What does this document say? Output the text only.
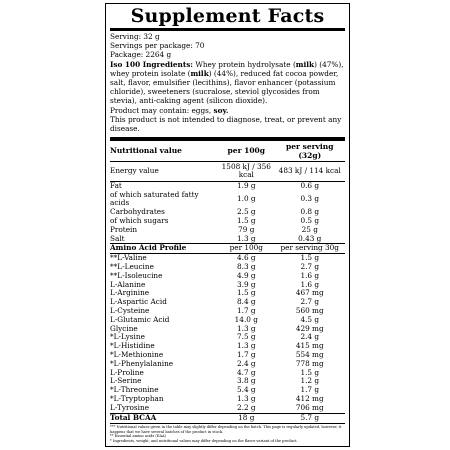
Supplement Facts
Serving: 32 g
Servings per package: 70
Package: 2264 g
Iso 100 Ingredients: Whey protein hydrolysate (milk) (47%), whey protein isolate (milk) (44%), reduced fat cocoa powder, salt, flavor, emulsifier (lecithins), flavor enhancer (potassium chloride), sweeteners (sucralose, steviol glycosides from stevia), anti-caking agent (silicon dioxide).
Product may contain: eggs, soy.
This product is not intended to diagnose, treat, or prevent any disease.
Nutritional value	per 100g	per serving (32g)
Energy value	1508 kJ / 356 kcal	483 kJ / 114 kcal
Fat	1.9 g	0.6 g
of which saturated fatty acids	1.0 g	0.3 g
Carbohydrates	2.5 g	0.8 g
of which sugars	1.5 g	0.5 g
Protein	79 g	25 g
Salt	1.3 g	0.43 g
Amino Acid Profile	per 100g	per serving 30g
**L-Valine	4.6 g	1.5 g
**L-Leucine	8.3 g	2.7 g
**L-Isoleucine	4.9 g	1.6 g
L-Alanine	3.9 g	1.6 g
L-Arginine	1.5 g	467 mg
L-Aspartic Acid	8.4 g	2.7 g
L-Cysteine	1.7 g	560 mg
L-Glutamic Acid	14.0 g	4.5 g
Glycine	1.3 g	429 mg
*L-Lysine	7.5 g	2.4 g
*L-Histidine	1.3 g	415 mg
*L-Methionine	1.7 g	554 mg
*L-Phenylalanine	2.4 g	778 mg
L-Proline	4.7 g	1.5 g
L-Serine	3.8 g	1.2 g
*L-Threonine	5.4 g	1.7 g
*L-Tryptophan	1.3 g	412 mg
L-Tyrosine	2.2 g	706 mg
Total BCAA	18 g	5.7 g
*** Nutritional values given in the table may slightly differ depending on the batch. This page is regularly updated, however, it happens that we have several batches of the product in stock.
** Essential amino acids (EAA)
* Ingredients, weight, and nutritional values may differ depending on the flavor variant of the product.
